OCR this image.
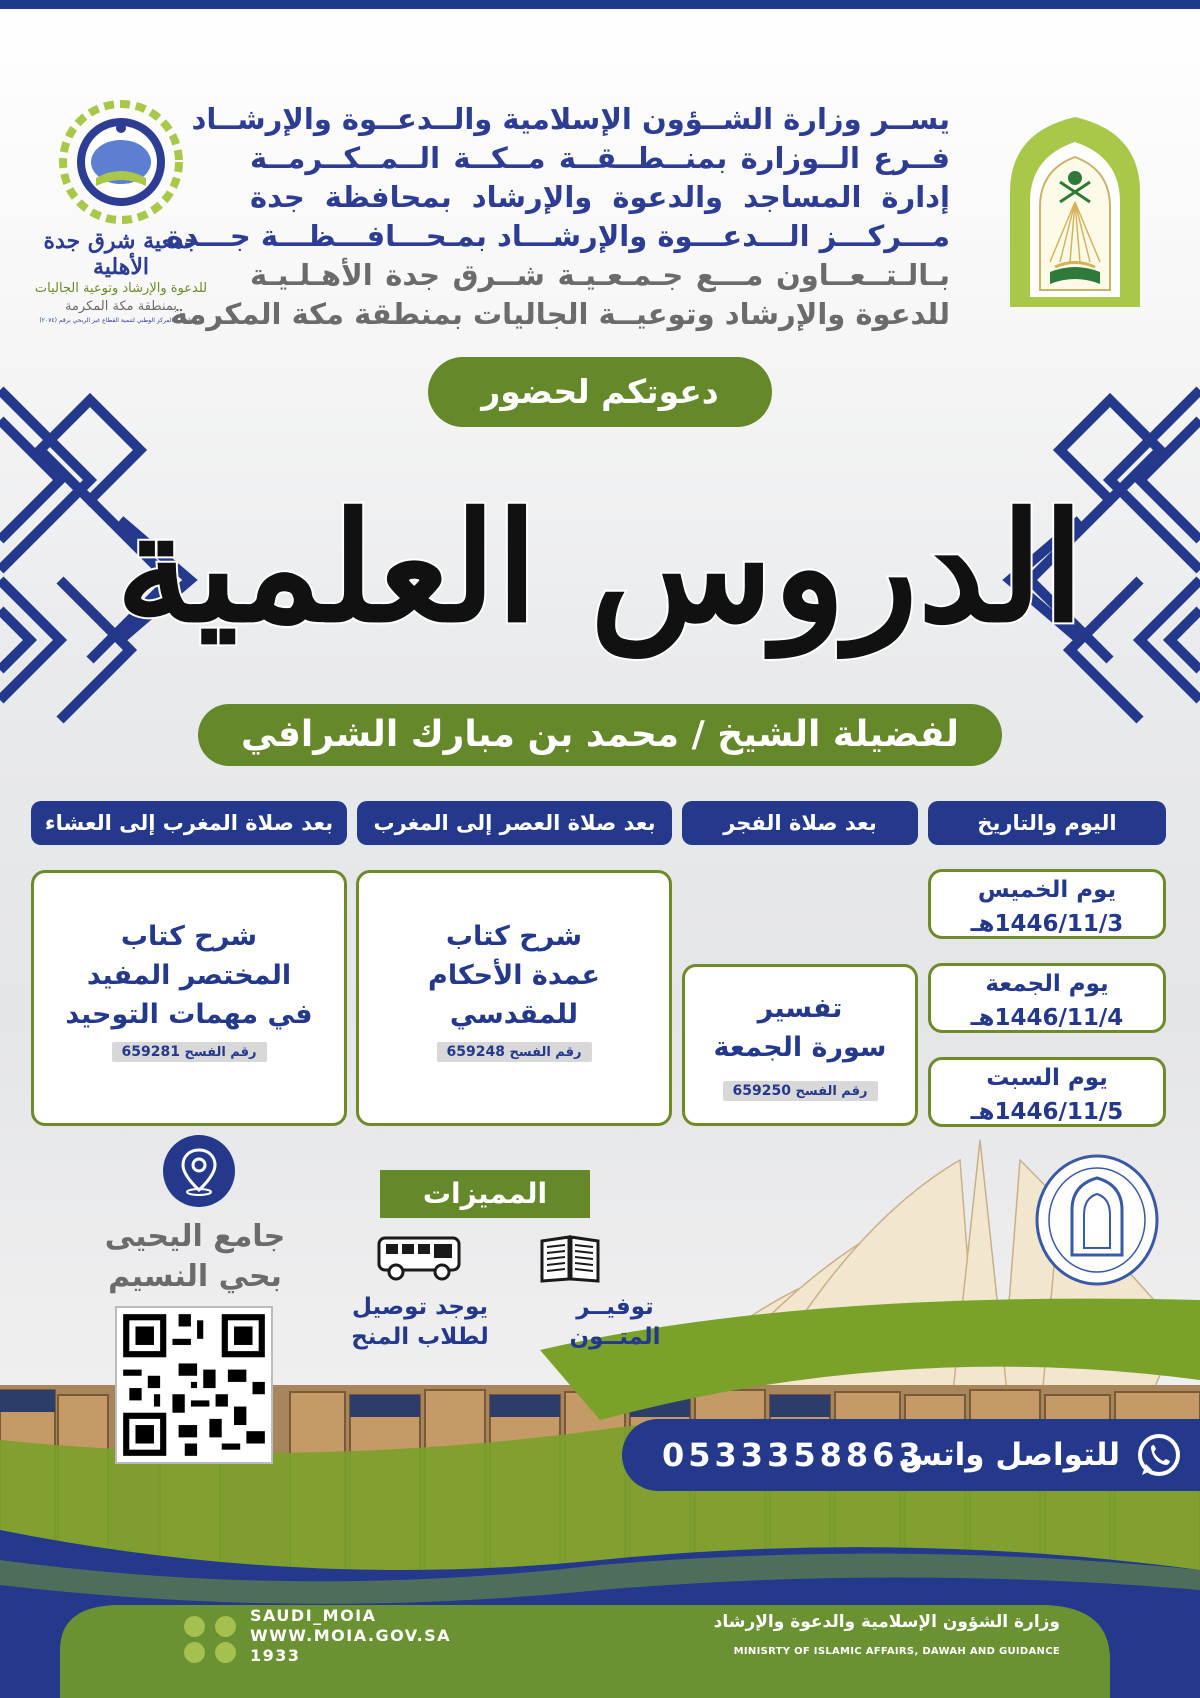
جمعية شرق جدة الأهلية
للدعوة والإرشاد وتوعية الجاليات
بمنطقة مكة المكرمة
مسجلة في المركز الوطني لتنمية القطاع غير الربحي برقم (٢٠٧٤)
يســر وزارة الشــؤون الإسلامية والــدعــوة والإرشــاد
فــرع الــوزارة بمنــطــقــة مــكــة الــمــكــرمــة
إدارة المساجد والدعوة والإرشاد بمحافظة جدة
مـــركـــز الـــدعـــوة والإرشـــاد بمـحـــافـــظـــة جـــدة
بـالـتــعــاون مـــع جـمـعـيـة شــرق جدة الأهـلـيـة
للدعوة والإرشاد وتوعيــة الجاليات بمنطقة مكة المكرمة
دعوتكم لحضور
الدروس العلمية
لفضيلة الشيخ / محمد بن مبارك الشرافي
اليوم والتاريخ
بعد صلاة الفجر
بعد صلاة العصر إلى المغرب
بعد صلاة المغرب إلى العشاء
يوم الخميس
1446/11/3هـ
يوم الجمعة
1446/11/4هـ
يوم السبت
1446/11/5هـ
تفسير
سورة الجمعة
رقم الفسح 659250
شرح كتاب
عمدة الأحكام
للمقدسي
رقم الفسح 659248
شرح كتاب
المختصر المفيد
في مهمات التوحيد
رقم الفسح 659281
المميزات
توفيــر
المتــون
يوجد توصيل
لطلاب المنح
جامع اليحيى
بحي النسيم
للتواصل واتس
0533358863
وزارة الشؤون الإسلامية والدعوة والإرشاد
MINISRTY OF ISLAMIC AFFAIRS, DAWAH AND GUIDANCE
SAUDI_MOIA
WWW.MOIA.GOV.SA
1933
